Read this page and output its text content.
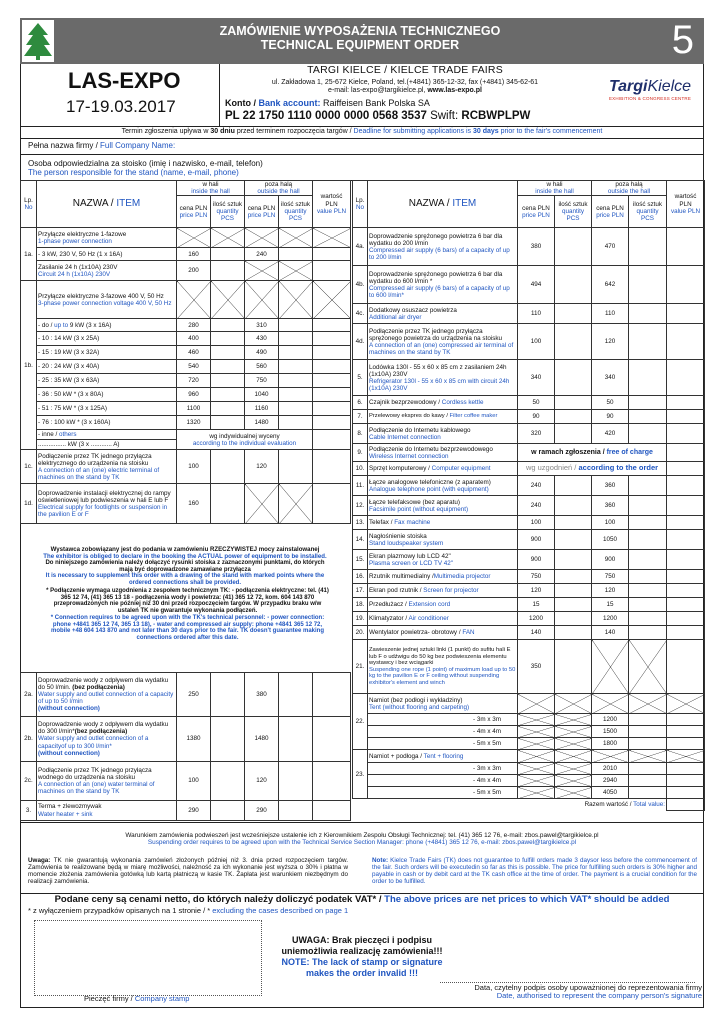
ZAMÓWIENIE WYPOSAŻENIA TECHNICZNEGO
TECHNICAL EQUIPMENT ORDER	5
LAS-EXPO
17-19.03.2017
TARGI KIELCE / KIELCE TRADE FAIRS
ul. Zakładowa 1, 25-672 Kielce, Poland, tel.(+4841) 365-12-32, fax (+4841) 345-62-61
e-mail: las-expo@targikielce.pl, www.las-expo.pl
Konto / Bank account: Raiffeisen Bank Polska SA
PL 22 1750 1110 0000 0000 0568 3537 Swift: RCBWPLPW
TargiKielce
EXHIBITION & CONGRESS CENTRE
Termin zgłoszenia upływa w 30 dniu przed terminem rozpoczęcia targów / Deadline for submitting applications is 30 days prior to the fair's commencement
Pełna nazwa firmy / Full Company Name:
Osoba odpowiedzialna za stoisko (imię i nazwisko, e-mail, telefon)
The person responsible for the stand (name, e-mail, phone)
Lp.
No	NAZWA / ITEM	w hali
inside the hall		poza halą
outside the hall		wartość PLN
value PLN	
		cena PLN
price PLN	ilość sztuk
quantity PCS	cena PLN
price PLN	ilość sztuk
quantity PCS		
1a.	Przyłącze elektryczne 1-fazowe
1-phase power connection						
	- 3 kW, 230 V, 50 Hz (1 x 16A)	160		240			
	Zasilanie 24 h (1x10A) 230V
Circuit 24 h (1x10A) 230V	200					
1b.	Przyłącze elektryczne 3-fazowe 400 V, 50 Hz
3-phase power connection voltage 400 V, 50 Hz						
	- do / up to 9 kW (3 x 16A)	280		310			
	- 10 : 14 kW (3 x 25A)	400		430			
	- 15 : 19 kW (3 x 32A)	460		490			
	- 20 : 24 kW (3 x 40A)	540		560			
	- 25 : 35 kW (3 x 63A)	720		750			
	- 36 : 50 kW * (3 x 80A)	960		1040			
	- 51 : 75 kW * (3 x 125A)	1100		1160			
	- 76 : 100 kW * (3 x 160A)	1320		1480			
	- inne / others	wg indywidualnej wyceny
according to the individual evaluation					
	................ kW (3 x ............ A)						
1c.	Podłączenie przez TK jednego przyłącza elektrycznego do urządzenia na stoisku
A connection of an (one) electric terminal of machines on the stand by TK	100		120			
1d.	Doprowadzenie instalacji elektrycznej do rampy oświetleniowej lub podwieszenia w hali E lub F
Electrical supply for footlights or suspension in the pavilion E or F	160					
Wystawca zobowiązany jest do podania w zamówieniu RZECZYWISTEJ mocy zainstalowanej
The exhibitor is obliged to declare in the booking the ACTUAL power of equipment to be installed.
Do niniejszego zamówienia należy dołączyć rysunki stoiska z zaznaczonymi punktami, do których mają być doprowadzone zamawiane przyłącza
It is necessary to supplement this order with a drawing of the stand with marked points where the ordered connections shall be provided.
* Podłączenie wymaga uzgodnienia z zespołem technicznym TK: - podłączenia elektryczne: tel. (41) 365 12 74, (41) 365 13 18 - podłączenia wody i powietrza: (41) 365 12 72, kom. 604 143 870 przeprowadzonych nie później niż 30 dni przed rozpoczęciem targów. W przypadku braku w/w ustaleń TK nie gwarantuje wykonania podłączeń.
* Connection requires to be agreed upon with the TK's technical personnel: - power connection: phone +4841 365 12 74, 365 13 18), - water and compressed air supply: phone +4841 365 12 72, mobile +48 604 143 870 and not later than 30 days prior to the fair. TK doesn't guarantee making connections ordered after this date.
2a.	Doprowadzenie wody z odpływem dla wydatku do 50 l/min. (bez podłączenia)
Water supply and outlet connection of a capacity of up to 50 l/min
(without connection)	250		380		
2b.	Doprowadzenie wody z odpływem dla wydatku do 300 l/min*(bez podłączenia)
Water supply and outlet connection of a capacityof up to 300 l/min*
(without connection)	1380		1480		
2c.	Podłączenie przez TK jednego przyłącza wodnego do urządzenia na stoisku
A connection of an (one) water terminal of machines on the stand by TK	100		120		
3.	Terma + zlewozmywak
Water heater + sink	290		290		
Lp.
No	NAZWA / ITEM	w hali
inside the hall		poza halą
outside the hall		wartość PLN
value PLN
		cena PLN
price PLN	ilość sztuk
quantity PCS	cena PLN
price PLN	ilość sztuk
quantity PCS	
4a.	Doprowadzenie sprężonego powietrza 6 bar dla wydatku do 200 l/min
Compressed air supply (6 bars) of a capacity of up to 200 l/min	380		470		
4b.	Doprowadzenie sprężonego powietrza 6 bar dla wydatku do 600 l/min *
Compressed air supply (6 bars) of a capacity of up to 600 l/min*	494		642		
4c.	Dodatkowy osuszacz powietrza
Additional air dryer	110		110		
4d.	Podłączenie przez TK jednego przyłącza sprężonego powietrza do urządzenia na stoisku
A connection of an (one) compressed air terminal of machines on the stand by TK	100		120		
5.	Lodówka 130l - 55 x 60 x 85 cm z zasilaniem 24h (1x10A) 230V
Refrigerator 130l - 55 x 60 x 85 cm with circuit 24h (1x10A) 230V	340		340		
6.	Czajnik bezprzewodowy / Cordless kettle	50		50		
7.	Przelewowy ekspres do kawy / Filter coffee maker	90		90		
8.	Podłączenie do Internetu kablowego
Cable Internet connection	320		420		
9.	Podłączenie do Internetu bezprzewodowego
Wireless Internet connection	w ramach zgłoszenia / free of charge				
10.	Sprzęt komputerowy / Computer equipment	wg uzgodnień / according to the order				
11.	Łącze analogowe telefoniczne (z aparatem)
Analogue telephone point (with equipment)	240		360		
12.	Łącze telefaksowe (bez aparatu)
Facsimile point (without equipment)	240		360		
13.	Telefax / Fax machine	100		100		
14.	Nagłośnienie stoiska
Stand loudspeaker system	900		1050		
15.	Ekran plazmowy lub LCD 42"
Plasma screen or LCD TV 42"	900		900		
16.	Rzutnik multimedialny /Multimedia projector	750		750		
17.	Ekran pod rzutnik / Screen for projector	120		120		
18.	Przedłużacz / Extension cord	15		15		
19.	Klimatyzator / Air conditioner	1200		1200		
20.	Wentylator powietrza- obrotowy / FAN	140		140		
21.	Zawieszenie jednej sztuki linki (1 punkt) do sufitu hali E lub F o udźwigu do 50 kg bez podwieszenia elementu wystawcy i bez wciągarki
Suspending one rope (1 point) of maximum load up to 50 kg to the pavilion E or F ceiling without suspending exhibitor's element and winch	350				
22.	Namiot (bez podłogi i wykładziny)
Tent (without flooring and carpeting)					
	- 3m x 3m			1200		
	- 4m x 4m			1500		
	- 5m x 5m			1800		
23.	Namiot + podłoga / Tent + flooring					
	- 3m x 3m			2010		
	- 4m x 4m			2940		
	- 5m x 5m			4050		
Razem wartość / Total value:						
Warunkiem zamówienia podwieszeń jest wcześniejsze ustalenie ich z Kierownikiem Zespołu Obsługi Technicznej: tel. (41) 365 12 76, e-mail: zbos.pawel@targikielce.pl
Suspending order requires to be agreed upon with the Technical Service Section Manager: phone (+4841) 365 12 76, e-mail: zbos.pawel@targikielce.pl
Uwaga: TK nie gwarantują wykonania zamówień złożonych później niż 3. dnia przed rozpoczęciem targów. Zamówienia te realizowane będą w miarę możliwości, należność za ich wykonanie jest wyższa o 30% i płatna w momencie złożenia zamówienia gotówką lub kartą płatniczą w kasie TK. Zapłata jest warunkiem niezbędnym do realizacji zamówienia.
Note: Kielce Trade Fairs (TK) does not guarantee to fulfill orders made 3 daysor less before the commencement of the fair. Such orders will be executedin so far as this is possible. The price for fulfilling such orders is 30% higher and payable in cash or by debit card at the TK cash office at the time of order. The payment is a crucial condition for the order to be fulfilled.
Podane ceny są cenami netto, do których należy doliczyć podatek VAT* / The above prices are net prices to which VAT* should be added
* z wyłączeniem przypadków opisanych na 1 stronie / * excluding the cases described on page 1
Pieczęć firmy / Company stamp
UWAGA: Brak pieczęci i podpisu
uniemożliwia realizację zamówienia!!!
NOTE: The lack of stamp or signature
makes the order invalid !!!
Data, czytelny podpis osoby upoważnionej do reprezentowania firmy
Date, authorised to represent the company person's signature
